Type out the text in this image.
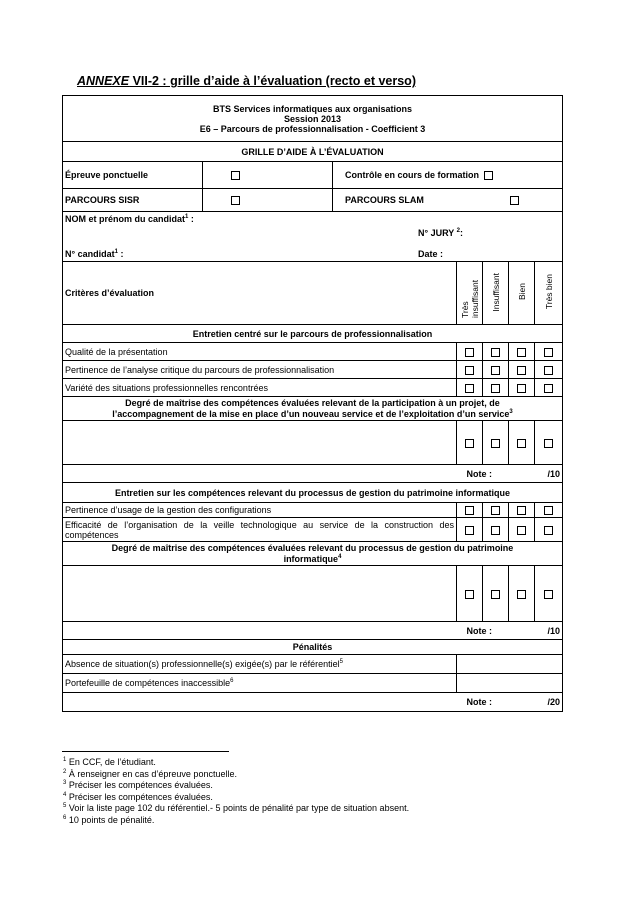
ANNEXE VII-2 : grille d’aide à l’évaluation (recto et verso)
BTS Services informatiques aux organisations
Session 2013
E6 – Parcours de professionnalisation - Coefficient 3						

GRILLE D’AIDE À L’ÉVALUATION						
Épreuve ponctuelle		Contrôle en cours de formation				
PARCOURS SISR		PARCOURS SLAM				

NOM et prénom du candidat$^1$ :
N° JURY $^2$:
N° candidat$^1$ : Date :						

Critères d’évaluation			Très insuffisant	Insuffisant	Bien	Très bien
Entretien centré sur le parcours de professionnalisation						
Qualité de la présentation						
Pertinence de l’analyse critique du parcours de professionnalisation						
Variété des situations professionnelles rencontrées						

Degré de maîtrise des compétences évaluées relevant de la participation à un projet, de
l’accompagnement de la mise en place d’un nouveau service et de l’exploitation d’un service$^3$

			Note :			/10
Entretien sur les compétences relevant du processus de gestion du patrimoine informatique						
Pertinence d’usage de la gestion des configurations						
Efficacité de l’organisation de la veille technologique au service de la construction des compétences						

Degré de maîtrise des compétences évaluées relevant du processus de gestion du patrimoine
informatique$^4$

			Note :			/10
Pénalités						
Absence de situation(s) professionnelle(s) exigée(s) par le référentiel$^5$	
Portefeuille de compétences inaccessible$^6$	
			Note :			/20
$^1$ En CCF, de l’étudiant.
$^2$ À renseigner en cas d’épreuve ponctuelle.
$^3$ Préciser les compétences évaluées.
$^4$ Préciser les compétences évaluées.
$^5$ Voir la liste page 102 du référentiel.- 5 points de pénalité par type de situation absent.
$^6$ 10 points de pénalité.
